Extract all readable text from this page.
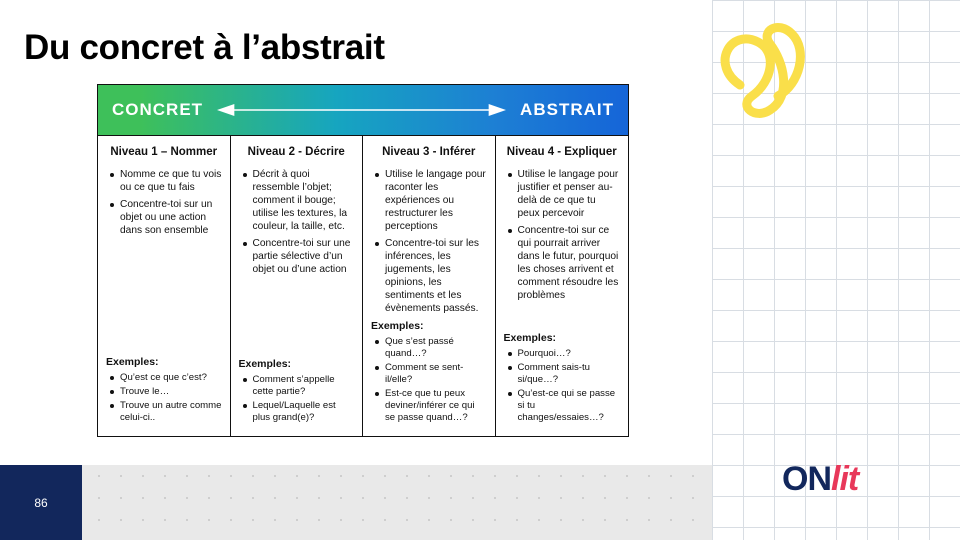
Du concret à l’abstrait
CONCRET	ABSTRAIT
Niveau 1 – Nommer
Nomme ce que tu vois ou ce que tu fais
Concentre-toi sur un objet ou une action dans son ensemble
Exemples:
Qu’est ce que c’est?
Trouve le…
Trouve un autre comme celui-ci..
Niveau 2 - Décrire
Décrit à quoi ressemble l’objet; comment il bouge; utilise les textures, la couleur, la taille, etc.
Concentre-toi sur une partie sélective d’un objet ou d’une action
Exemples:
Comment s’appelle cette partie?
Lequel/Laquelle est plus grand(e)?
Niveau 3 - Inférer
Utilise le langage pour raconter les expériences ou restructurer les perceptions
Concentre-toi sur les inférences, les jugements, les opinions, les sentiments et les évènements passés.
Exemples:
Que s’est passé quand…?
Comment se sent-il/elle?
Est-ce que tu peux deviner/inférer ce qui se passe quand…?
Niveau 4 - Expliquer
Utilise le langage pour justifier et penser au-delà de ce que tu peux percevoir
Concentre-toi sur ce qui pourrait arriver dans le futur, pourquoi les choses arrivent et comment résoudre les problèmes
Exemples:
Pourquoi…?
Comment sais-tu si/que…?
Qu’est-ce qui se passe si tu changes/essaies…?
86
ONlit
